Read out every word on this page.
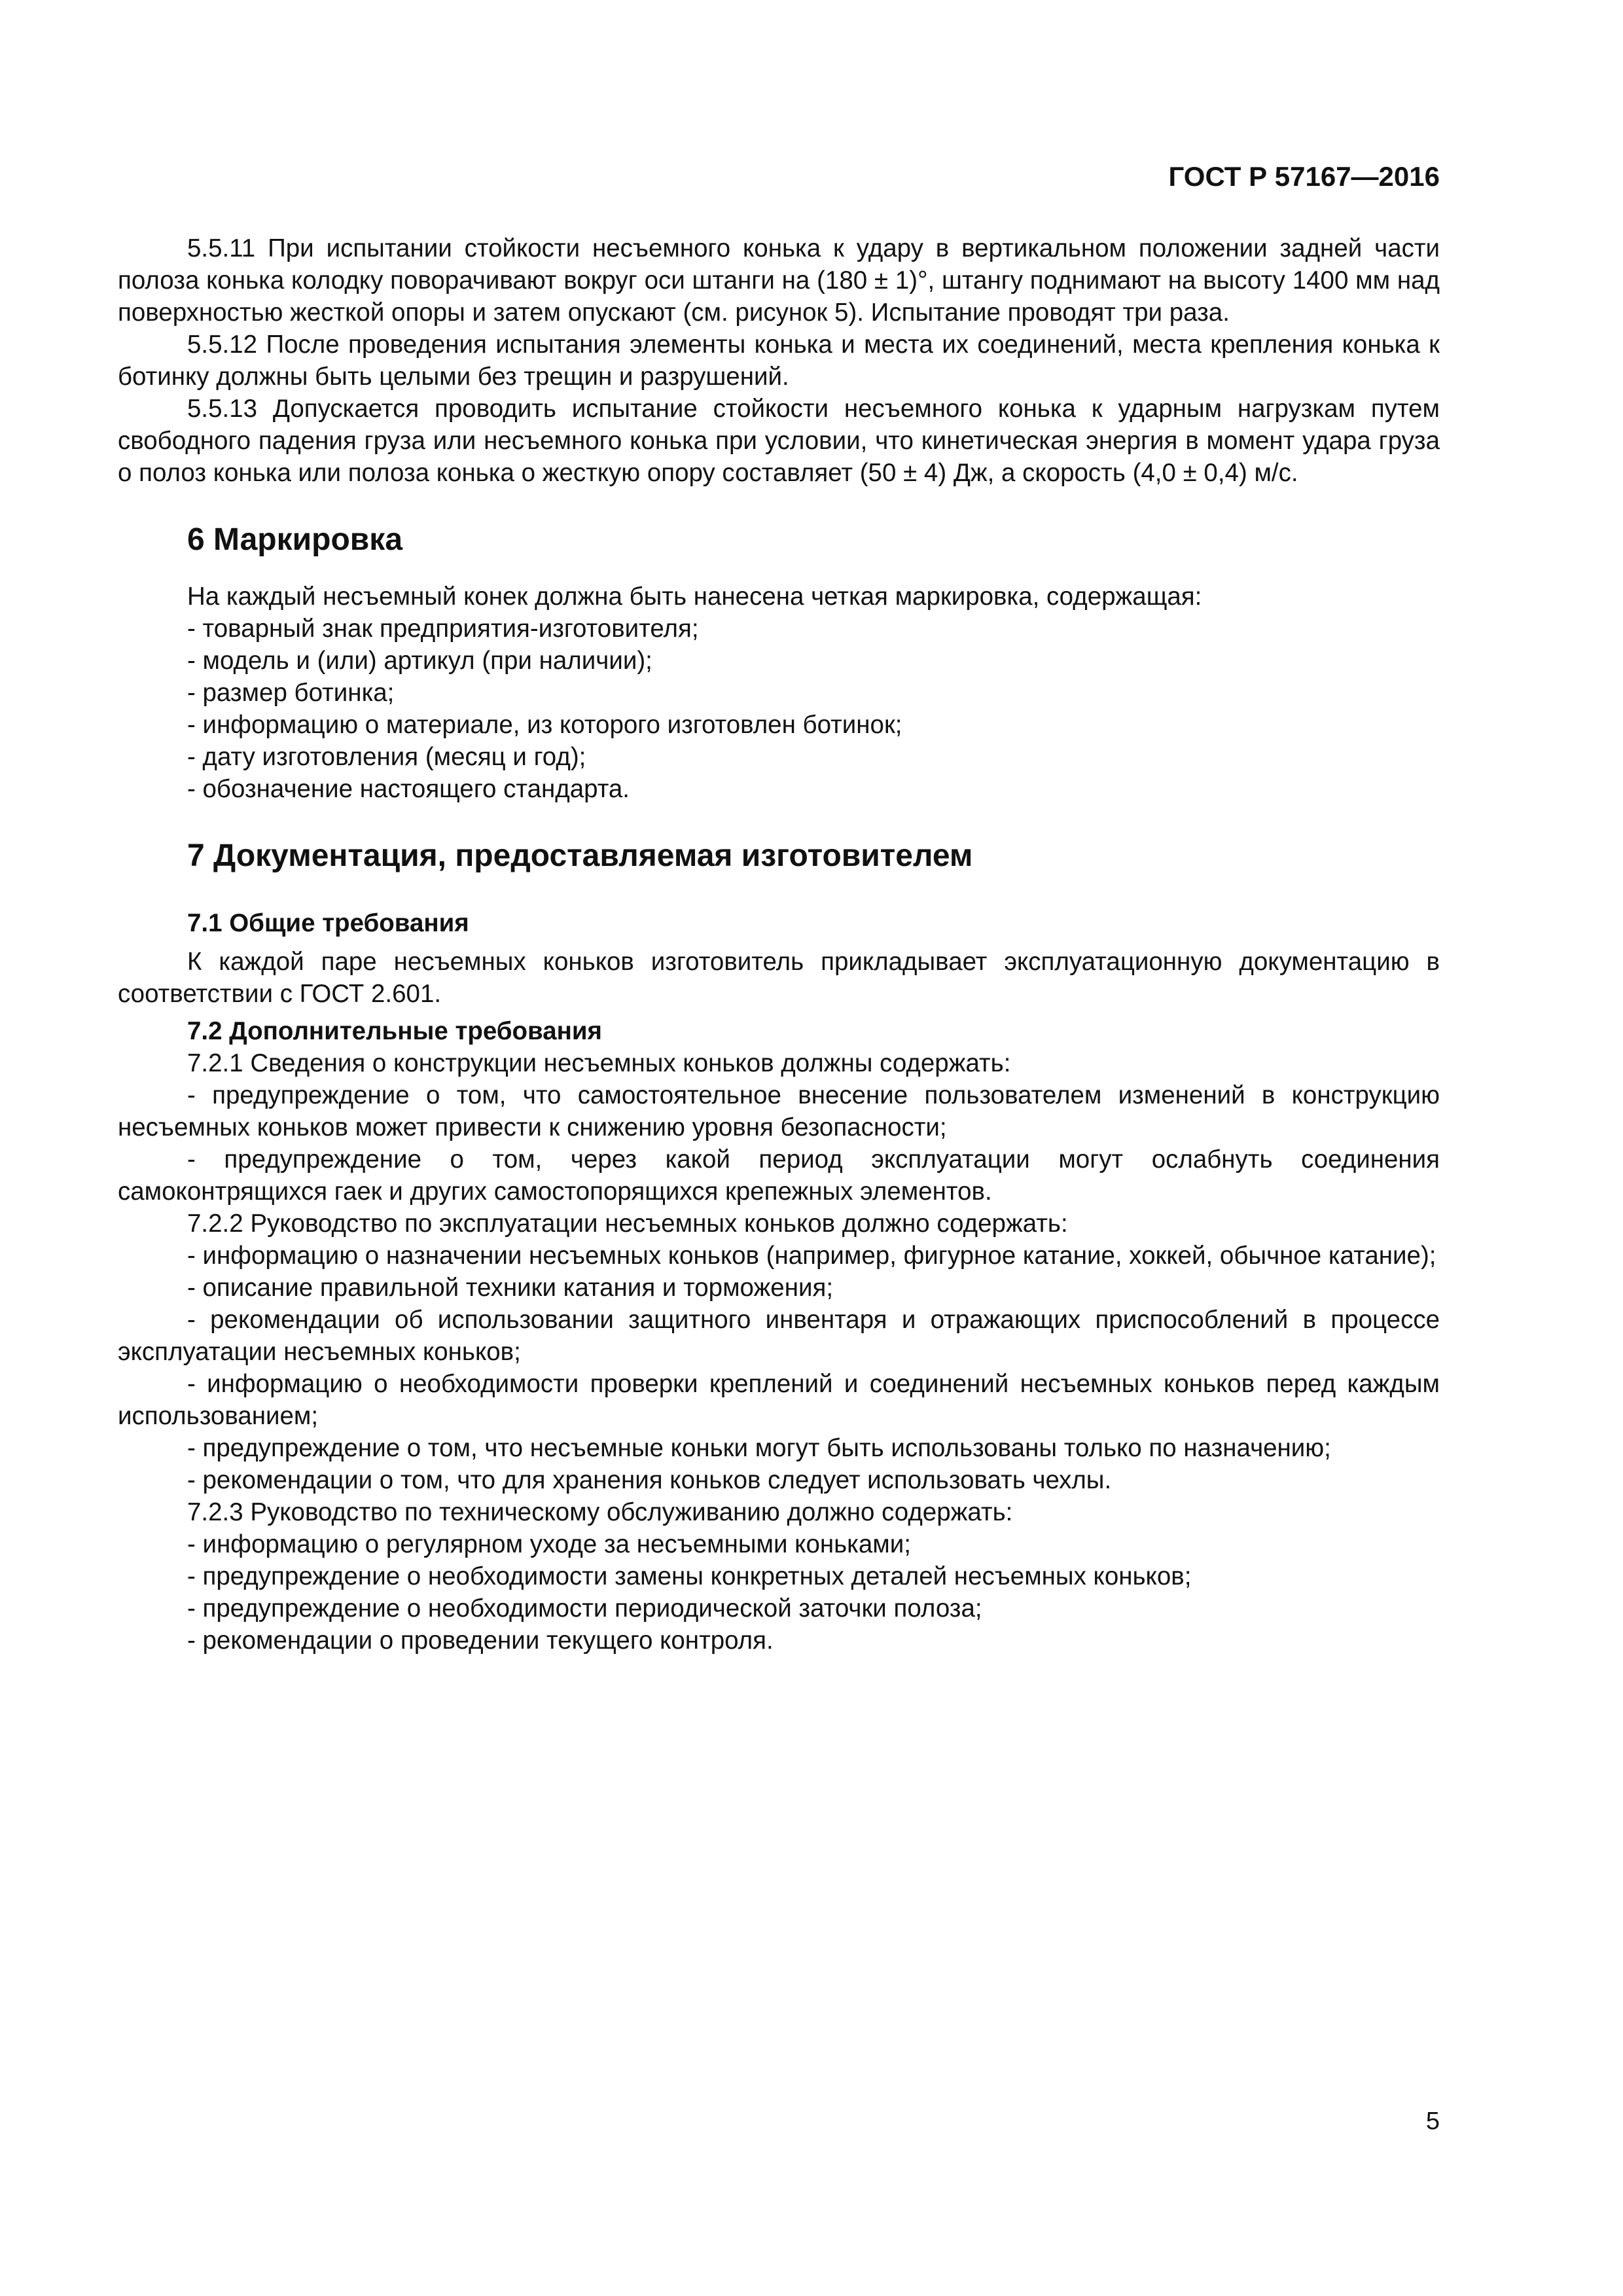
ГОСТ Р 57167—2016

5.5.11 При испытании стойкости несъемного конька к удару в вертикальном положении задней части полоза конька колодку поворачивают вокруг оси штанги на (180 ± 1)°, штангу поднимают на высоту 1400 мм над поверхностью жесткой опоры и затем опускают (см. рисунок 5). Испытание проводят три раза.

5.5.12 После проведения испытания элементы конька и места их соединений, места крепления конька к ботинку должны быть целыми без трещин и разрушений.

5.5.13 Допускается проводить испытание стойкости несъемного конька к ударным нагрузкам путем свободного падения груза или несъемного конька при условии, что кинетическая энергия в момент удара груза о полоз конька или полоза конька о жесткую опору составляет (50 ± 4) Дж, а скорость (4,0 ± 0,4) м/с.

6 Маркировка

На каждый несъемный конек должна быть нанесена четкая маркировка, содержащая:

- товарный знак предприятия-изготовителя;

- модель и (или) артикул (при наличии);

- размер ботинка;

- информацию о материале, из которого изготовлен ботинок;

- дату изготовления (месяц и год);

- обозначение настоящего стандарта.

7 Документация, предоставляемая изготовителем
7.1 Общие требования

К каждой паре несъемных коньков изготовитель прикладывает эксплуатационную документацию в соответствии с ГОСТ 2.601.

7.2 Дополнительные требования

7.2.1 Сведения о конструкции несъемных коньков должны содержать:

- предупреждение о том, что самостоятельное внесение пользователем изменений в конструкцию несъемных коньков может привести к снижению уровня безопасности;

- предупреждение о том, через какой период эксплуатации могут ослабнуть соединения самоконтрящихся гаек и других самостопорящихся крепежных элементов.

7.2.2 Руководство по эксплуатации несъемных коньков должно содержать:

- информацию о назначении несъемных коньков (например, фигурное катание, хоккей, обычное катание);

- описание правильной техники катания и торможения;

- рекомендации об использовании защитного инвентаря и отражающих приспособлений в процессе эксплуатации несъемных коньков;

- информацию о необходимости проверки креплений и соединений несъемных коньков перед каждым использованием;

- предупреждение о том, что несъемные коньки могут быть использованы только по назначению;

- рекомендации о том, что для хранения коньков следует использовать чехлы.

7.2.3 Руководство по техническому обслуживанию должно содержать:

- информацию о регулярном уходе за несъемными коньками;

- предупреждение о необходимости замены конкретных деталей несъемных коньков;

- предупреждение о необходимости периодической заточки полоза;

- рекомендации о проведении текущего контроля.

5
